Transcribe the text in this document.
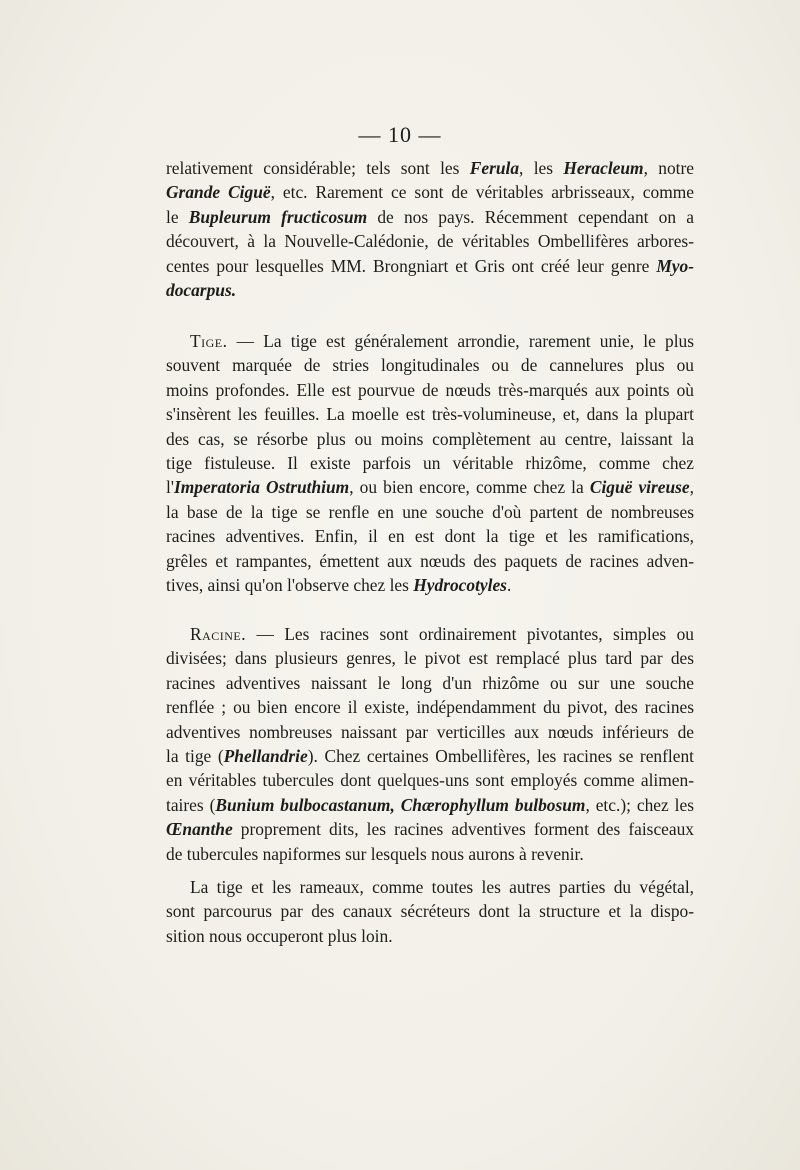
— 10 —
relativement considérable; tels sont les Ferula, les Heracleum, notre
Grande Ciguë, etc. Rarement ce sont de véritables arbrisseaux, comme
le Bupleurum fructicosum de nos pays. Récemment cependant on a
découvert, à la Nouvelle-Calédonie, de véritables Ombellifères arbores-
centes pour lesquelles MM. Brongniart et Gris ont créé leur genre Myo-
docarpus.
Tige. — La tige est généralement arrondie, rarement unie, le plus
souvent marquée de stries longitudinales ou de cannelures plus ou
moins profondes. Elle est pourvue de nœuds très-marqués aux points où
s'insèrent les feuilles. La moelle est très-volumineuse, et, dans la plupart
des cas, se résorbe plus ou moins complètement au centre, laissant la
tige fistuleuse. Il existe parfois un véritable rhizôme, comme chez
l'Imperatoria Ostruthium, ou bien encore, comme chez la Ciguë vireuse,
la base de la tige se renfle en une souche d'où partent de nombreuses
racines adventives. Enfin, il en est dont la tige et les ramifications,
grêles et rampantes, émettent aux nœuds des paquets de racines adven-
tives, ainsi qu'on l'observe chez les Hydrocotyles.
Racine. — Les racines sont ordinairement pivotantes, simples ou
divisées; dans plusieurs genres, le pivot est remplacé plus tard par des
racines adventives naissant le long d'un rhizôme ou sur une souche
renflée ; ou bien encore il existe, indépendamment du pivot, des racines
adventives nombreuses naissant par verticilles aux nœuds inférieurs de
la tige (Phellandrie). Chez certaines Ombellifères, les racines se renflent
en véritables tubercules dont quelques-uns sont employés comme alimen-
taires (Bunium bulbocastanum, Chærophyllum bulbosum, etc.); chez les
Œnanthe proprement dits, les racines adventives forment des faisceaux
de tubercules napiformes sur lesquels nous aurons à revenir.
La tige et les rameaux, comme toutes les autres parties du végétal,
sont parcourus par des canaux sécréteurs dont la structure et la dispo-
sition nous occuperont plus loin.
